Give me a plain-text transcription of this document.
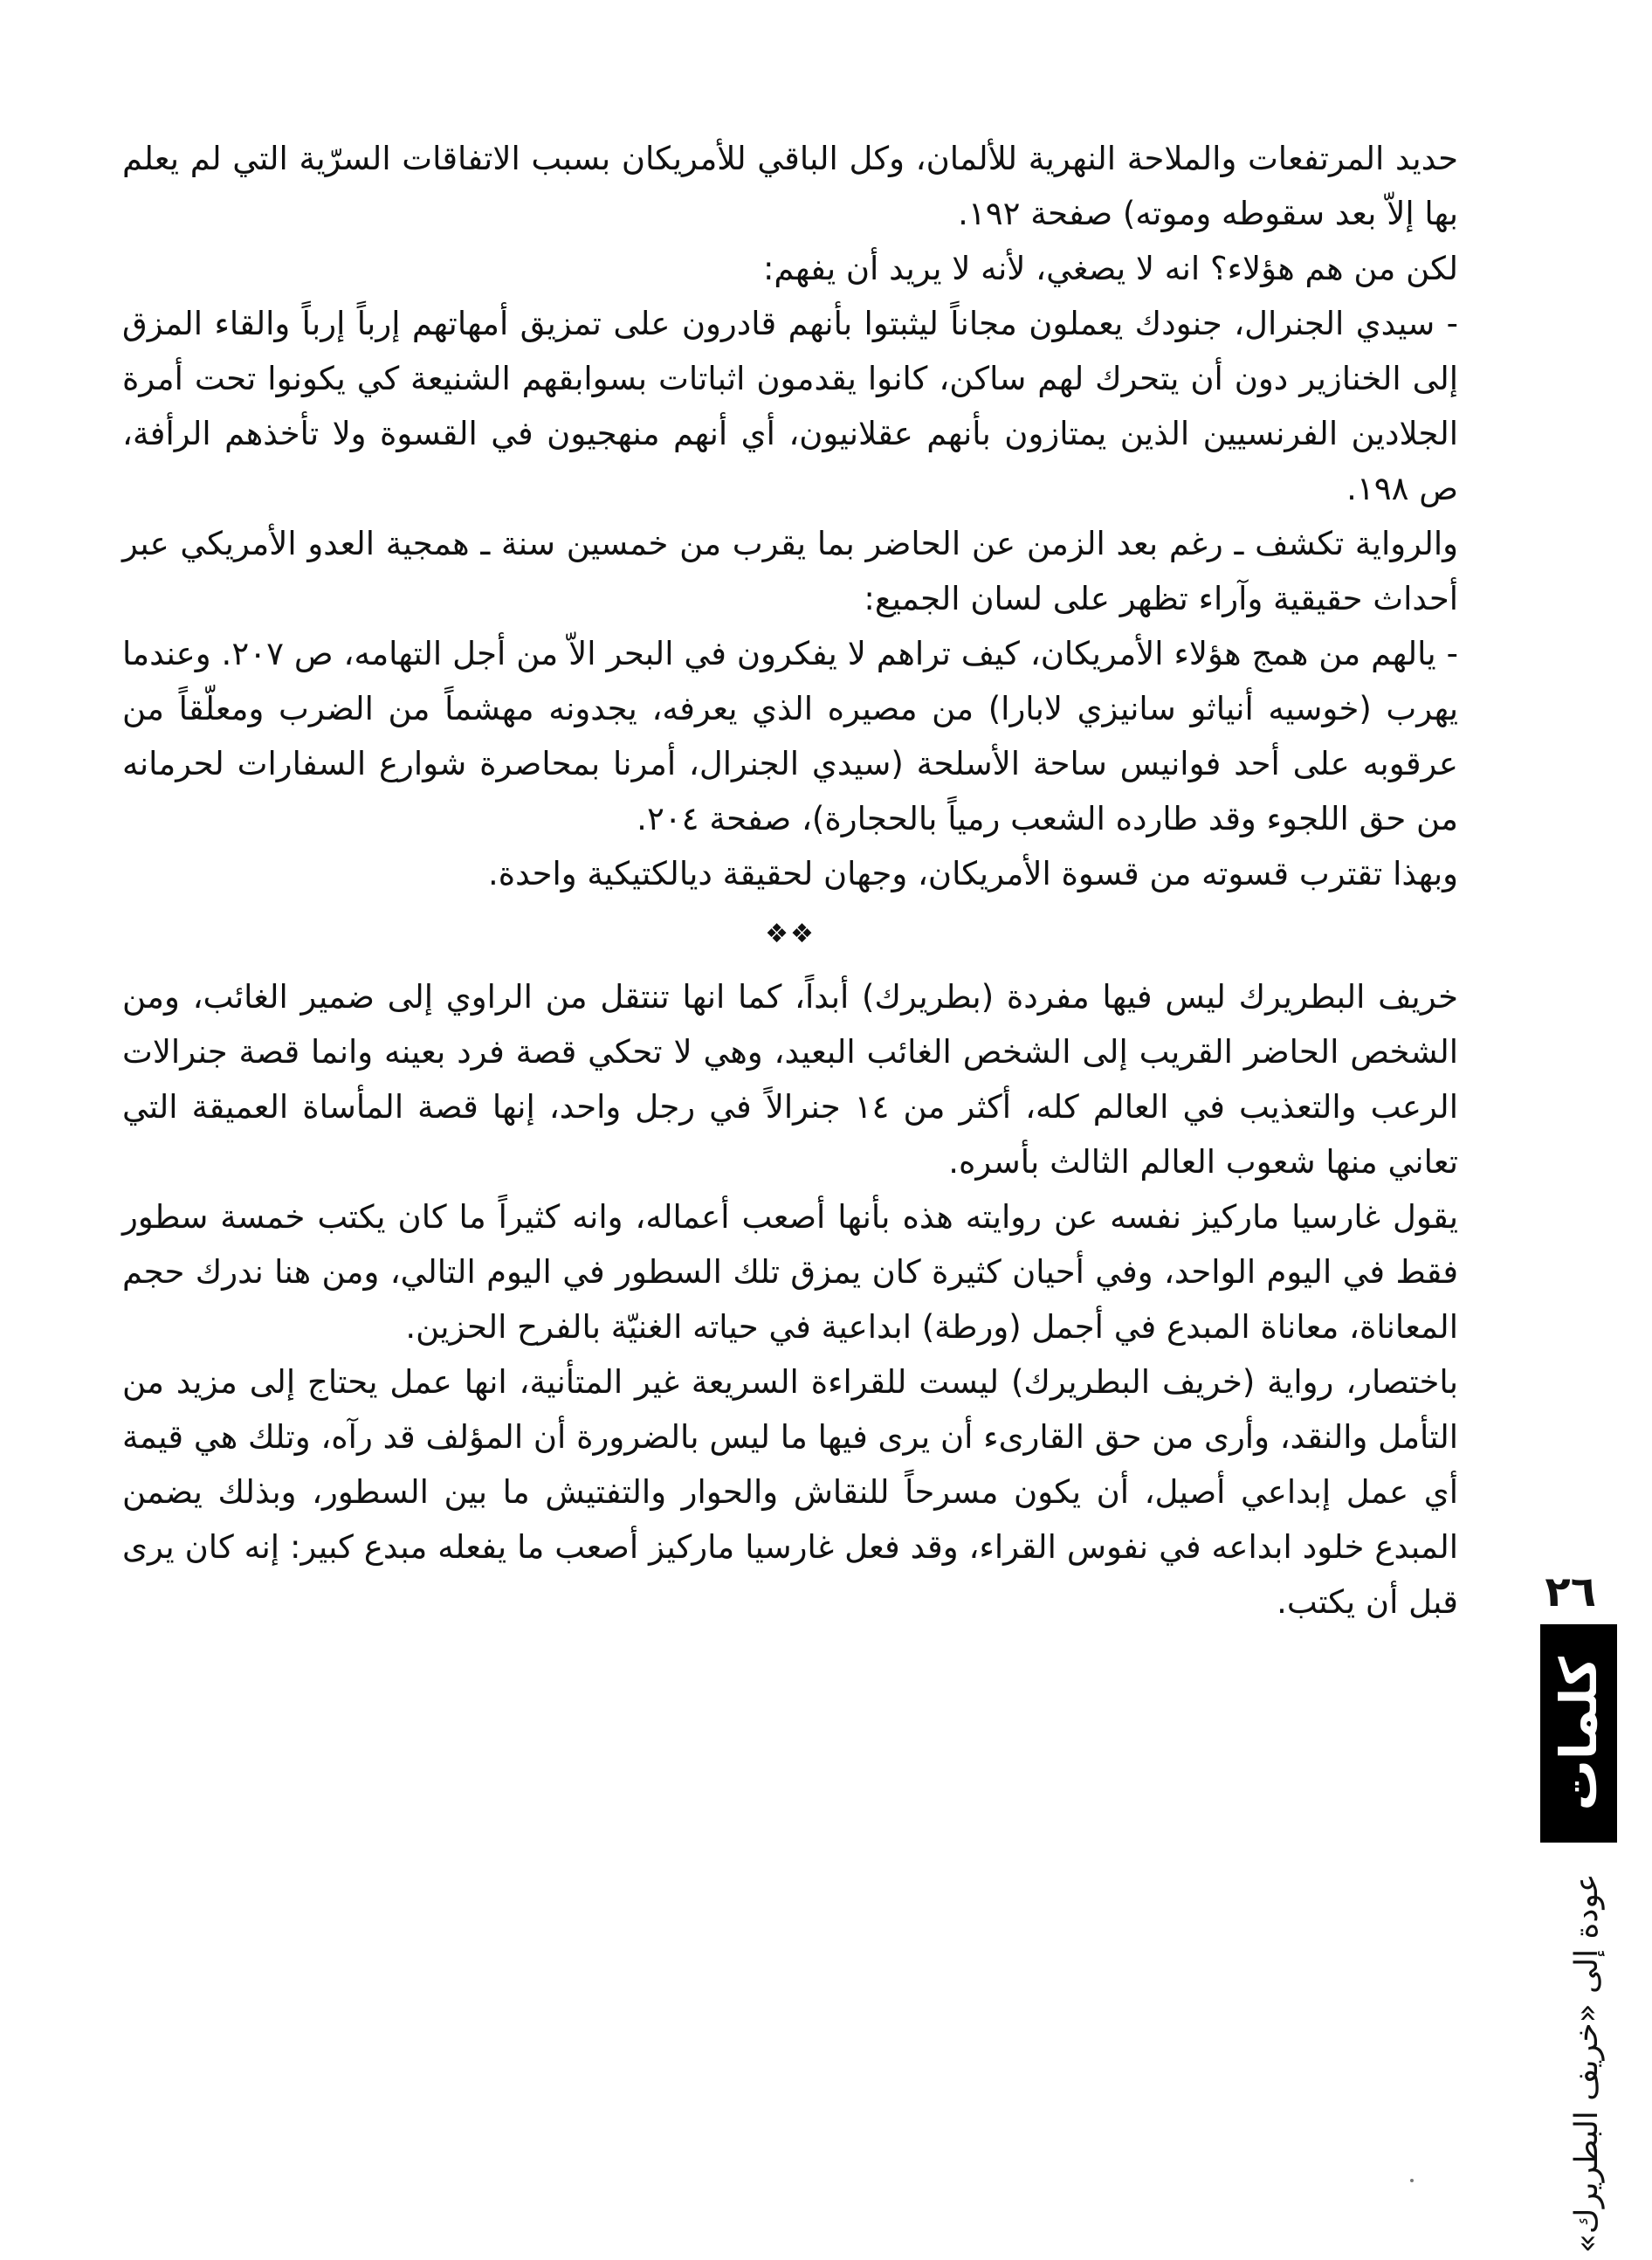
حديد المرتفعات والملاحة النهرية للألمان، وكل الباقي للأمريكان بسبب الاتفاقات السرّية التي لم يعلم بها إلاّ بعد سقوطه وموته) صفحة ١٩٢.

لكن من هم هؤلاء؟ انه لا يصغي، لأنه لا يريد أن يفهم:

- سيدي الجنرال، جنودك يعملون مجاناً ليثبتوا بأنهم قادرون على تمزيق أمهاتهم إرباً إرباً والقاء المزق إلى الخنازير دون أن يتحرك لهم ساكن، كانوا يقدمون اثباتات بسوابقهم الشنيعة كي يكونوا تحت أمرة الجلادين الفرنسيين الذين يمتازون بأنهم عقلانيون، أي أنهم منهجيون في القسوة ولا تأخذهم الرأفة، ص ١٩٨.

والرواية تكشف ـ رغم بعد الزمن عن الحاضر بما يقرب من خمسين سنة ـ همجية العدو الأمريكي عبر أحداث حقيقية وآراء تظهر على لسان الجميع:

- يالهم من همج هؤلاء الأمريكان، كيف تراهم لا يفكرون في البحر الاّ من أجل التهامه، ص ٢٠٧. وعندما يهرب (خوسيه أنياثو سانيزي لابارا) من مصيره الذي يعرفه، يجدونه مهشماً من الضرب ومعلّقاً من عرقوبه على أحد فوانيس ساحة الأسلحة (سيدي الجنرال، أمرنا بمحاصرة شوارع السفارات لحرمانه من حق اللجوء وقد طارده الشعب رمياً بالحجارة)، صفحة ٢٠٤.

وبهذا تقترب قسوته من قسوة الأمريكان، وجهان لحقيقة ديالكتيكية واحدة.

❖❖

خريف البطريرك ليس فيها مفردة (بطريرك) أبداً، كما انها تنتقل من الراوي إلى ضمير الغائب، ومن الشخص الحاضر القريب إلى الشخص الغائب البعيد، وهي لا تحكي قصة فرد بعينه وانما قصة جنرالات الرعب والتعذيب في العالم كله، أكثر من ١٤ جنرالاً في رجل واحد، إنها قصة المأساة العميقة التي تعاني منها شعوب العالم الثالث بأسره.

يقول غارسيا ماركيز نفسه عن روايته هذه بأنها أصعب أعماله، وانه كثيراً ما كان يكتب خمسة سطور فقط في اليوم الواحد، وفي أحيان كثيرة كان يمزق تلك السطور في اليوم التالي، ومن هنا ندرك حجم المعاناة، معاناة المبدع في أجمل (ورطة) ابداعية في حياته الغنيّة بالفرح الحزين.

باختصار، رواية (خريف البطريرك) ليست للقراءة السريعة غير المتأنية، انها عمل يحتاج إلى مزيد من التأمل والنقد، وأرى من حق القارىء أن يرى فيها ما ليس بالضرورة أن المؤلف قد رآه، وتلك هي قيمة أي عمل إبداعي أصيل، أن يكون مسرحاً للنقاش والحوار والتفتيش ما بين السطور، وبذلك يضمن المبدع خلود ابداعه في نفوس القراء، وقد فعل غارسيا ماركيز أصعب ما يفعله مبدع كبير: إنه كان يرى قبل أن يكتب. ٢٦
كلمات
عودة إلى «خريف البطريرك»
